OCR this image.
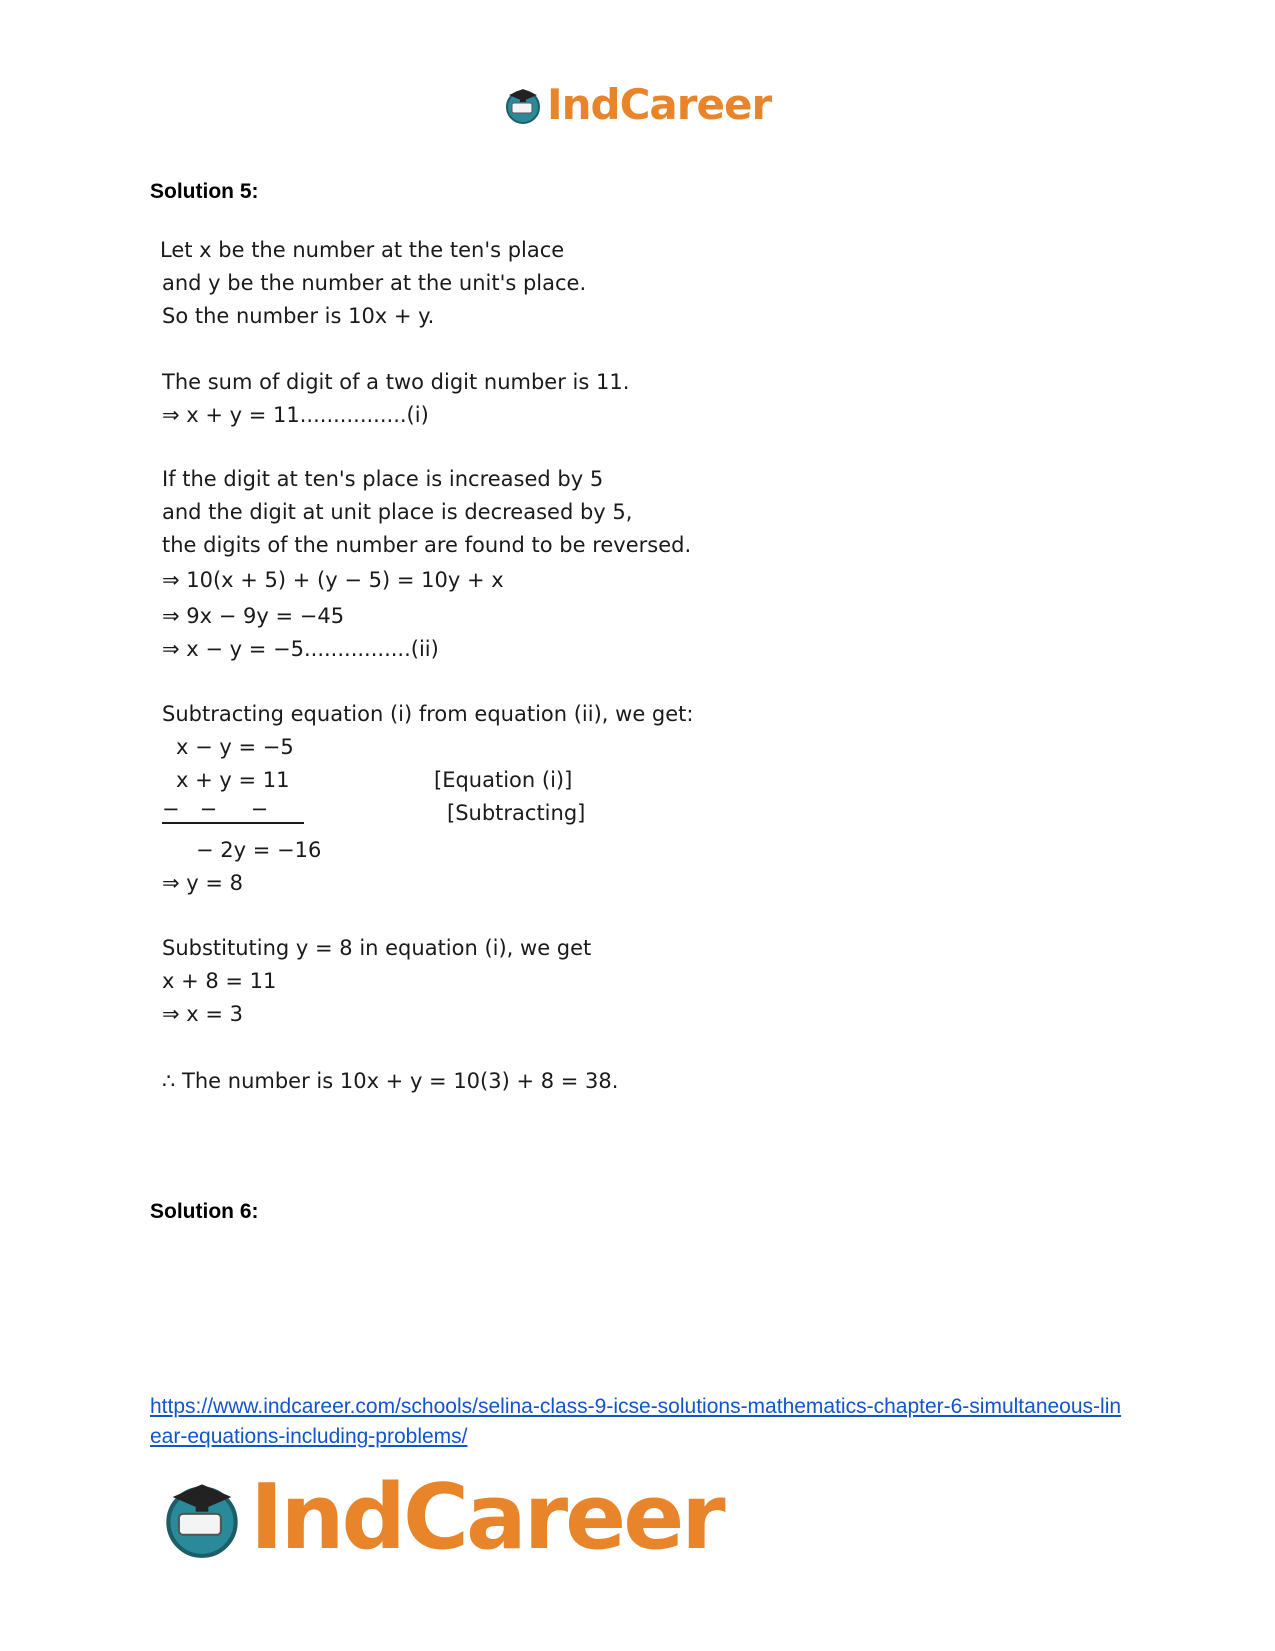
IndCareer
Solution 5:
Let x be the number at the ten's place
and y be the number at the unit's place.
So the number is 10x + y.
The sum of digit of a two digit number is 11.
⇒ x + y = 11................(i)
If the digit at ten's place is increased by 5
and the digit at unit place is decreased by 5,
the digits of the number are found to be reversed.
⇒ 10(x + 5) + (y − 5) = 10y + x
⇒ 9x − 9y = −45
⇒ x − y = −5................(ii)
Subtracting equation (i) from equation (ii), we get:
x − y = −5
x + y = 11	[Equation (i)]
−   −     −	[Subtracting]
− 2y = −16
⇒ y = 8
Substituting y = 8 in equation (i), we get
x + 8 = 11
⇒ x = 3
∴ The number is 10x + y = 10(3) + 8 = 38.
Solution 6:
https://www.indcareer.com/schools/selina-class-9-icse-solutions-mathematics-chapter-6-simultaneous-linear-equations-including-problems/
IndCareer
